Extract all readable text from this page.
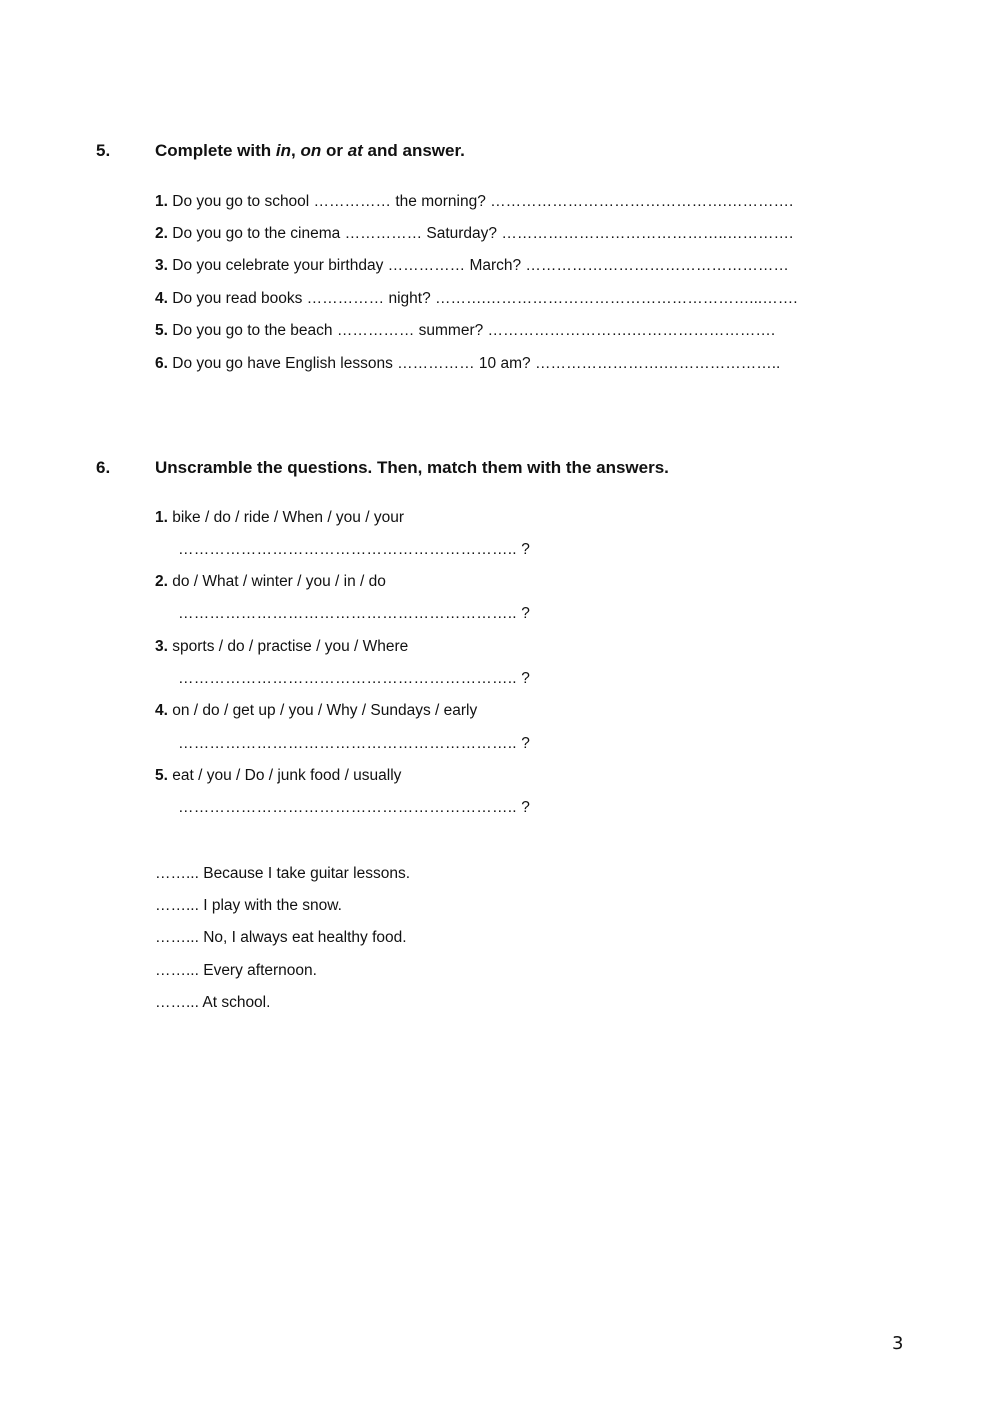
5.	Complete with in, on or at and answer.
1. Do you go to school …………… the morning? ……………………………………….………….
2. Do you go to the cinema …………… Saturday? ……………………………………..………….
3. Do you celebrate your birthday …………… March? ……………………………………………
4. Do you read books …………… night? ……….……………………………………………...…….
5. Do you go to the beach …………… summer? ……………………….……………………….
6. Do you go have English lessons …………… 10 am? …………………….…………………..
6.	Unscramble the questions. Then, match them with the answers.
1. bike / do / ride / When / you / your
……………………………………………………….. ?
2. do / What / winter / you / in / do
……………………………………………………….. ?
3. sports / do / practise / you / Where
……………………………………………………….. ?
4. on / do / get up / you / Why / Sundays / early
……………………………………………………….. ?
5. eat / you / Do / junk food / usually
……………………………………………………….. ?
……... Because I take guitar lessons.
……... I play with the snow.
……... No, I always eat healthy food.
……... Every afternoon.
……... At school.
3
